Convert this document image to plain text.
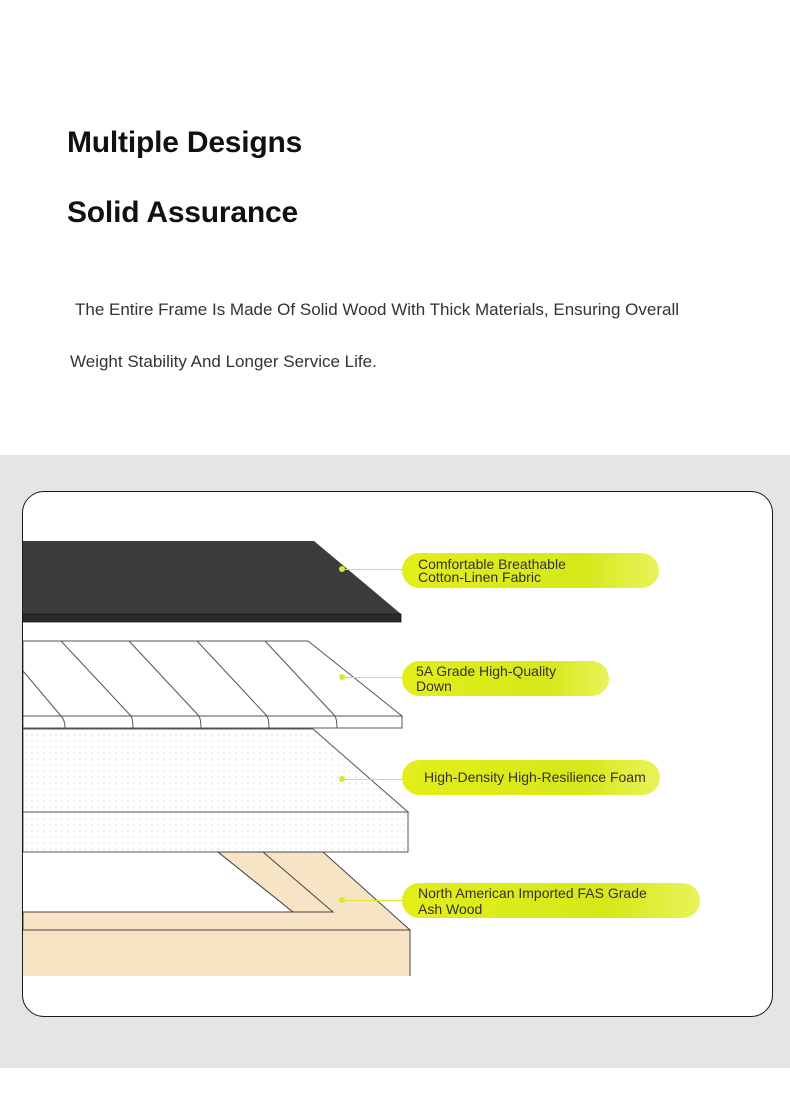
Multiple Designs
Solid Assurance

The Entire Frame Is Made Of Solid Wood With Thick Materials, Ensuring Overall

Weight Stability And Longer Service Life.

Comfortable Breathable
Cotton-Linen Fabric
5A Grade High-Quality
Down
High-Density High-Resilience Foam
North American Imported FAS Grade
Ash Wood
